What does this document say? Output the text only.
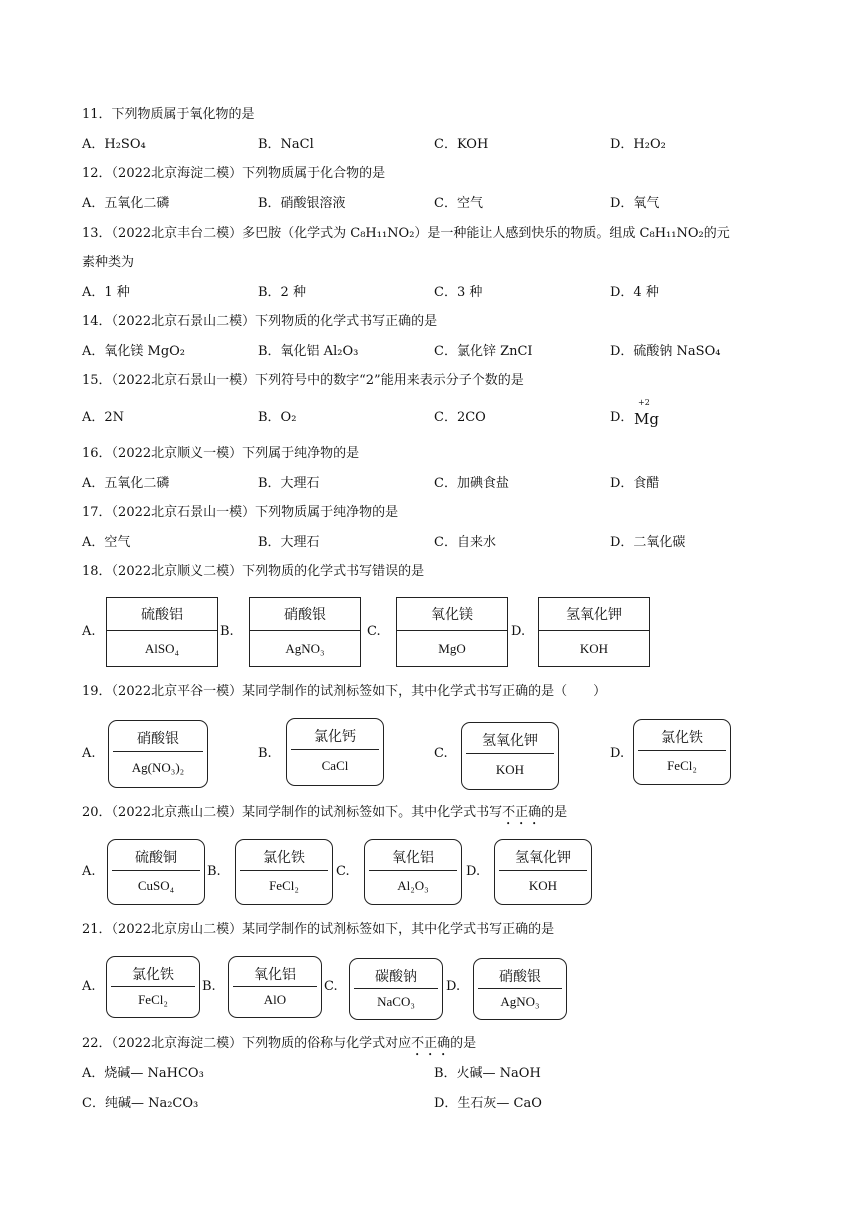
11．下列物质属于氧化物的是
A．H₂SO₄	B．NaCl	C．KOH	D．H₂O₂
12．（2022北京海淀二模）下列物质属于化合物的是
A．五氧化二磷	B．硝酸银溶液	C．空气	D．氧气
13．（2022北京丰台二模）多巴胺（化学式为 C₈H₁₁NO₂）是一种能让人感到快乐的物质。组成 C₈H₁₁NO₂的元
素种类为
A．1 种	B．2 种	C．3 种	D．4 种
14．（2022北京石景山二模）下列物质的化学式书写正确的是
A．氧化镁 MgO₂	B．氧化铝 Al₂O₃	C．氯化锌 ZnCI	D．硫酸钠 NaSO₄
15．（2022北京石景山一模）下列符号中的数字“2”能用来表示分子个数的是
A．2N	B．O₂	C．2CO	D．
+2
Mg
16．（2022北京顺义一模）下列属于纯净物的是
A．五氧化二磷	B．大理石	C．加碘食盐	D．食醋
17．（2022北京石景山一模）下列物质属于纯净物的是
A．空气	B．大理石	C．自来水	D．二氧化碳
18．（2022北京顺义二模）下列物质的化学式书写错误的是
A.
硫酸铝
AlSO₄
B.
硝酸银
AgNO₃
C.
氧化镁
MgO
D.
氢氧化钾
KOH
19．（2022北京平谷一模）某同学制作的试剂标签如下，其中化学式书写正确的是（　　）
A.
硝酸银
Ag(NO₃)₂
B.
氯化钙
CaCl
C.
氢氧化钾
KOH
D.
氯化铁
FeCl₂
20．（2022北京燕山二模）某同学制作的试剂标签如下。其中化学式书写不正确的是
A.
硫酸铜
CuSO₄
B.
氯化铁
FeCl₂
C.
氧化铝
Al₂O₃
D.
氢氧化钾
KOH
21．（2022北京房山二模）某同学制作的试剂标签如下，其中化学式书写正确的是
A.
氯化铁
FeCl₂
B.
氧化铝
AlO
C.
碳酸钠
NaCO₃
D.
硝酸银
AgNO₃
22．（2022北京海淀二模）下列物质的俗称与化学式对应不正确的是
A．烧碱— NaHCO₃	B．火碱— NaOH
C．纯碱— Na₂CO₃	D．生石灰— CaO
